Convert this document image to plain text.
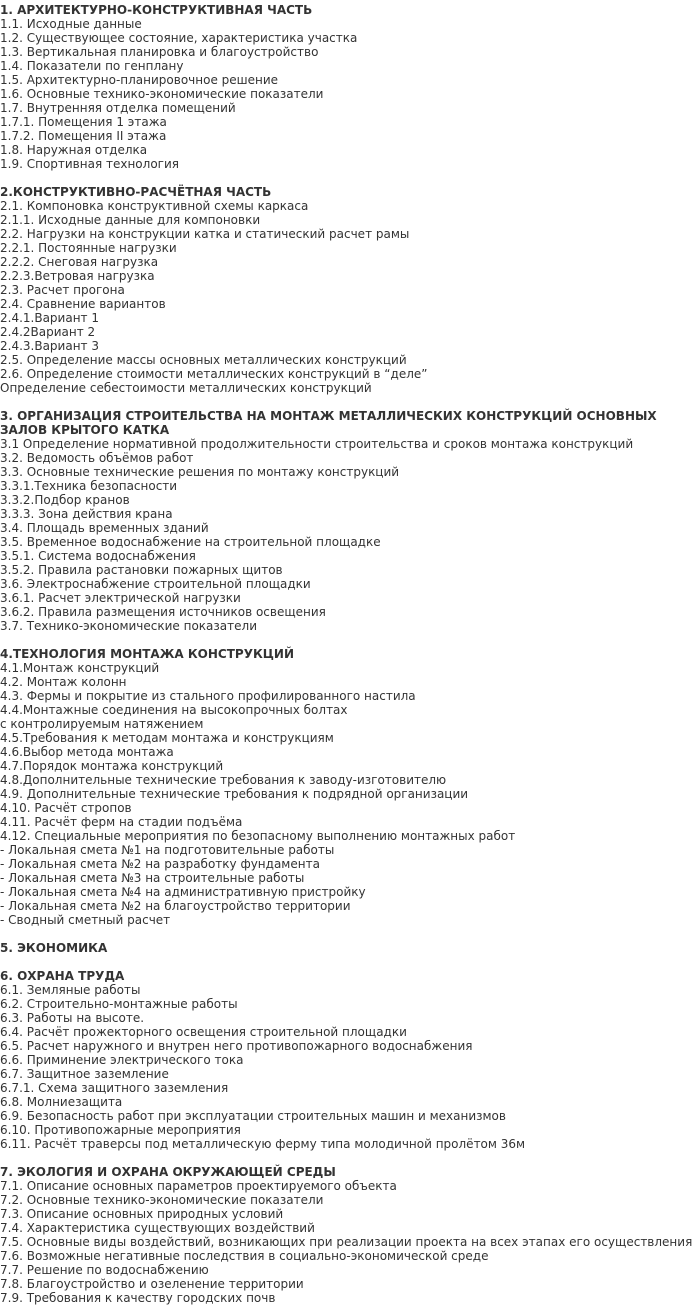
1. АРХИТЕКТУРНО-КОНСТРУКТИВНАЯ ЧАСТЬ
1.1. Исходные данные
1.2. Существующее состояние, характеристика участка
1.3. Вертикальная планировка и благоустройство
1.4. Показатели по генплану
1.5. Архитектурно-планировочное решение
1.6. Основные технико-экономические показатели
1.7. Внутренняя отделка помещений
1.7.1. Помещения 1 этажа
1.7.2. Помещения II этажа
1.8. Наружная отделка
1.9. Спортивная технология
2.КОНСТРУКТИВНО-РАСЧЁТНАЯ ЧАСТЬ
2.1. Компоновка конструктивной схемы каркаса
2.1.1. Исходные данные для компоновки
2.2. Нагрузки на конструкции катка и статический расчет рамы
2.2.1. Постоянные нагрузки
2.2.2. Снеговая нагрузка
2.2.3.Ветровая нагрузка
2.3. Расчет прогона
2.4. Сравнение вариантов
2.4.1.Вариант 1
2.4.2Вариант 2
2.4.3.Вариант 3
2.5. Определение массы основных металлических конструкций
2.6. Определение стоимости металлических конструкций в “деле”
Определение себестоимости металлических конструкций
3. ОРГАНИЗАЦИЯ СТРОИТЕЛЬСТВА НА МОНТАЖ МЕТАЛЛИЧЕСКИХ КОНСТРУКЦИЙ ОСНОВНЫХ ЗАЛОВ КРЫТОГО КАТКА
3.1 Определение нормативной продолжительности строительства и сроков монтажа конструкций
3.2. Ведомость объёмов работ
3.3. Основные технические решения по монтажу конструкций
3.3.1.Техника безопасности
3.3.2.Подбор кранов
3.3.3. Зона действия крана
3.4. Площадь временных зданий
3.5. Временное водоснабжение на строительной площадке
3.5.1. Система водоснабжения
3.5.2. Правила растановки пожарных щитов
3.6. Электроснабжение строительной площадки
3.6.1. Расчет электрической нагрузки
3.6.2. Правила размещения источников освещения
3.7. Технико-экономические показатели
4.ТЕХНОЛОГИЯ МОНТАЖА КОНСТРУКЦИЙ
4.1.Монтаж конструкций
4.2. Монтаж колонн
4.3. Фермы и покрытие из стального профилированного настила
4.4.Монтажные соединения на высокопрочных болтах
с контролируемым натяжением
4.5.Требования к методам монтажа и конструкциям
4.6.Выбор метода монтажа
4.7.Порядок монтажа конструкций
4.8.Дополнительные технические требования к заводу-изготовителю
4.9. Дополнительные технические требования к подрядной организации
4.10. Расчёт стропов
4.11. Расчёт ферм на стадии подъёма
4.12. Специальные мероприятия по безопасному выполнению монтажных работ
- Локальная смета №1 на подготовительные работы
- Локальная смета №2 на разработку фундамента
- Локальная смета №3 на строительные работы
- Локальная смета №4 на административную пристройку
- Локальная смета №2 на благоустройство территории
- Сводный сметный расчет
5. ЭКОНОМИКА
6. ОХРАНА ТРУДА
6.1. Земляные работы
6.2. Строительно-монтажные работы
6.3. Работы на высоте.
6.4. Расчёт прожекторного освещения строительной площадки
6.5. Расчет наружного и внутрен него противопожарного водоснабжения
6.6. Приминение электрического тока
6.7. Защитное заземление
6.7.1. Схема защитного заземления
6.8. Молниезащита
6.9. Безопасность работ при эксплуатации строительных машин и механизмов
6.10. Противопожарные мероприятия
6.11. Расчёт траверсы под металлическую ферму типа молодичной пролётом 36м
7. ЭКОЛОГИЯ И ОХРАНА ОКРУЖАЮЩЕЙ СРЕДЫ
7.1. Описание основных параметров проектируемого объекта
7.2. Основные технико-экономические показатели
7.3. Описание основных природных условий
7.4. Характеристика существующих воздействий
7.5. Основные виды воздействий, возникающих при реализации проекта на всех этапах его осуществления
7.6. Возможные негативные последствия в социально-экономической среде
7.7. Решение по водоснабжению
7.8. Благоустройство и озеленение территории
7.9. Требования к качеству городских почв
